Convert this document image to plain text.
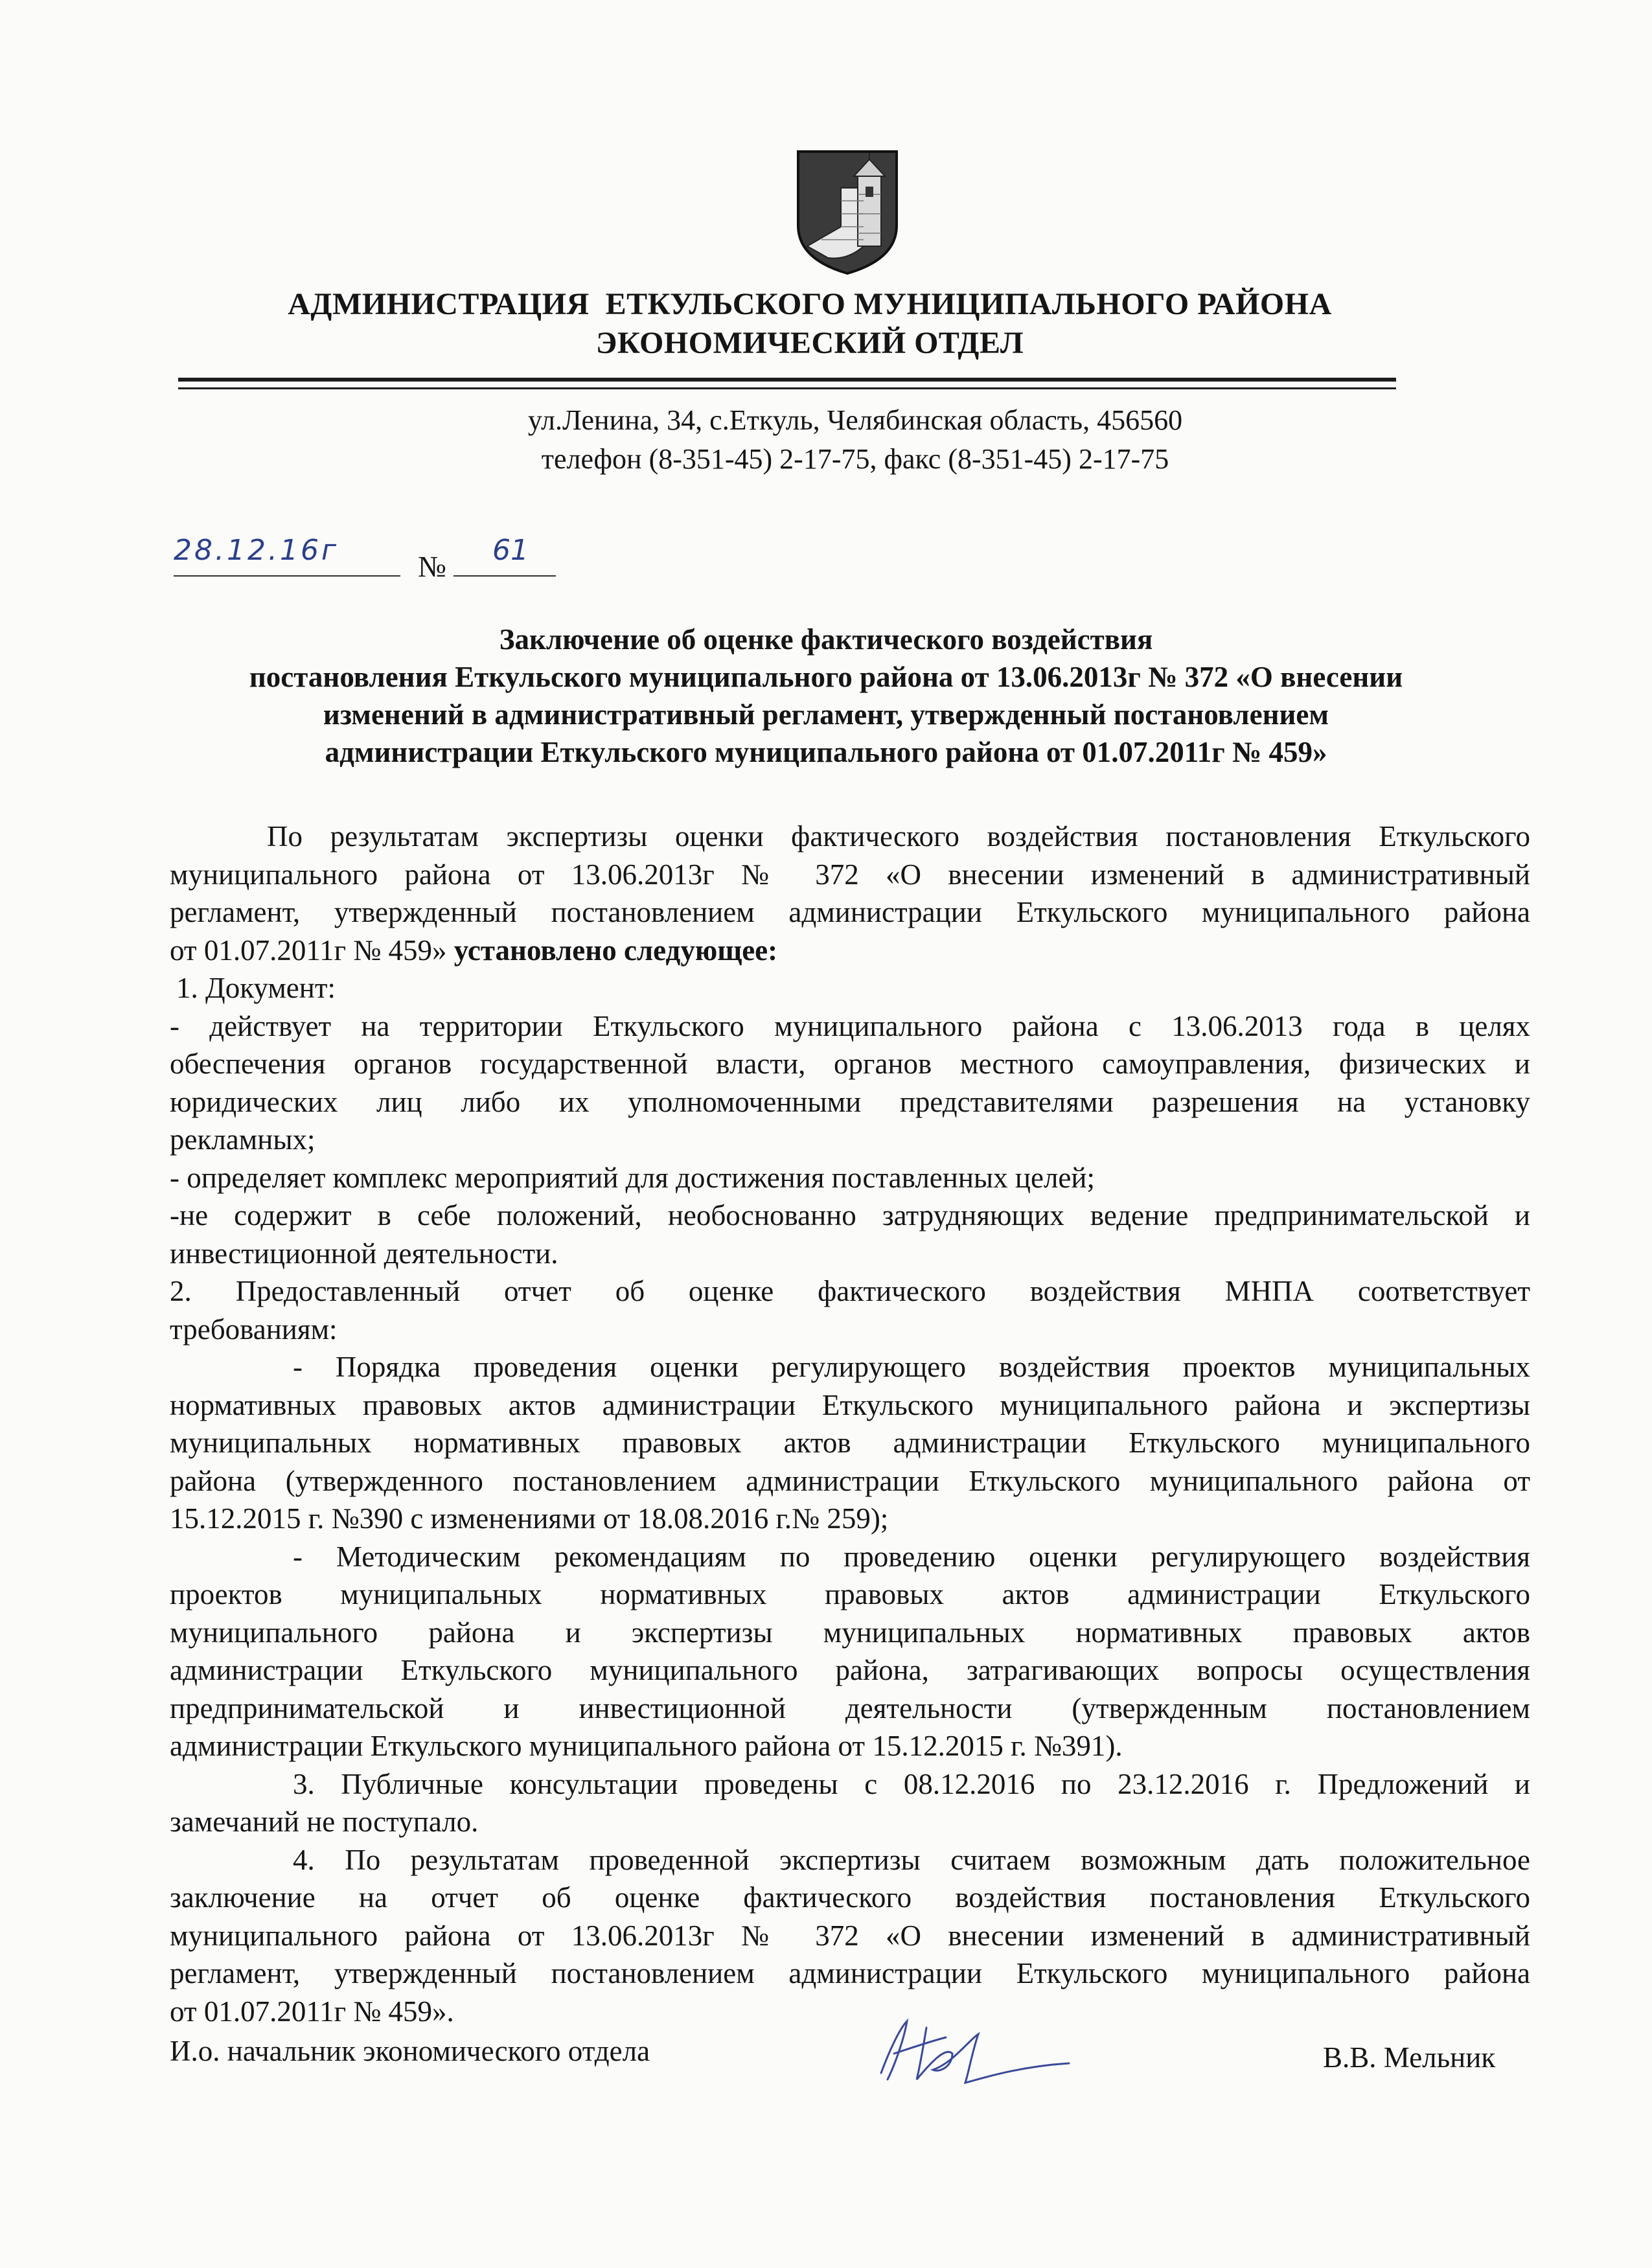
АДМИНИСТРАЦИЯ  ЕТКУЛЬСКОГО МУНИЦИПАЛЬНОГО РАЙОНА
ЭКОНОМИЧЕСКИЙ ОТДЕЛ
ул.Ленина, 34, с.Еткуль, Челябинская область, 456560
телефон (8-351-45) 2-17-75, факс (8-351-45) 2-17-75
28.12.16г	№ 61
Заключение об оценке фактического воздействия
постановления Еткульского муниципального района от 13.06.2013г № 372 «О внесении
изменений в административный регламент, утвержденный постановлением
администрации Еткульского муниципального района от 01.07.2011г № 459»
По результатам экспертизы оценки фактического воздействия постановления Еткульского
муниципального района от 13.06.2013г № 372 «О внесении изменений в административный
регламент, утвержденный постановлением администрации Еткульского муниципального района
от 01.07.2011г № 459» установлено следующее:
1. Документ:
- действует на территории Еткульского муниципального района с 13.06.2013 года в целях
обеспечения органов государственной власти, органов местного самоуправления, физических и
юридических лиц либо их уполномоченными представителями разрешения на установку
рекламных;
- определяет комплекс мероприятий для достижения поставленных целей;
-не содержит в себе положений, необоснованно затрудняющих ведение предпринимательской и
инвестиционной деятельности.
2. Предоставленный отчет об оценке фактического воздействия МНПА соответствует
требованиям:
- Порядка проведения оценки регулирующего воздействия проектов муниципальных
нормативных правовых актов администрации Еткульского муниципального района и экспертизы
муниципальных нормативных правовых актов администрации Еткульского муниципального
района (утвержденного постановлением администрации Еткульского муниципального района от
15.12.2015 г. №390 с изменениями от 18.08.2016 г.№ 259);
- Методическим рекомендациям по проведению оценки регулирующего воздействия
проектов муниципальных нормативных правовых актов администрации Еткульского
муниципального района и экспертизы муниципальных нормативных правовых актов
администрации Еткульского муниципального района, затрагивающих вопросы осуществления
предпринимательской и инвестиционной деятельности (утвержденным постановлением
администрации Еткульского муниципального района от 15.12.2015 г. №391).
3. Публичные консультации проведены с 08.12.2016 по 23.12.2016 г. Предложений и
замечаний не поступало.
4. По результатам проведенной экспертизы считаем возможным дать положительное
заключение на отчет об оценке фактического воздействия постановления Еткульского
муниципального района от 13.06.2013г № 372 «О внесении изменений в административный
регламент, утвержденный постановлением администрации Еткульского муниципального района
от 01.07.2011г № 459».
И.о. начальник экономического отдела	В.В. Мельник
